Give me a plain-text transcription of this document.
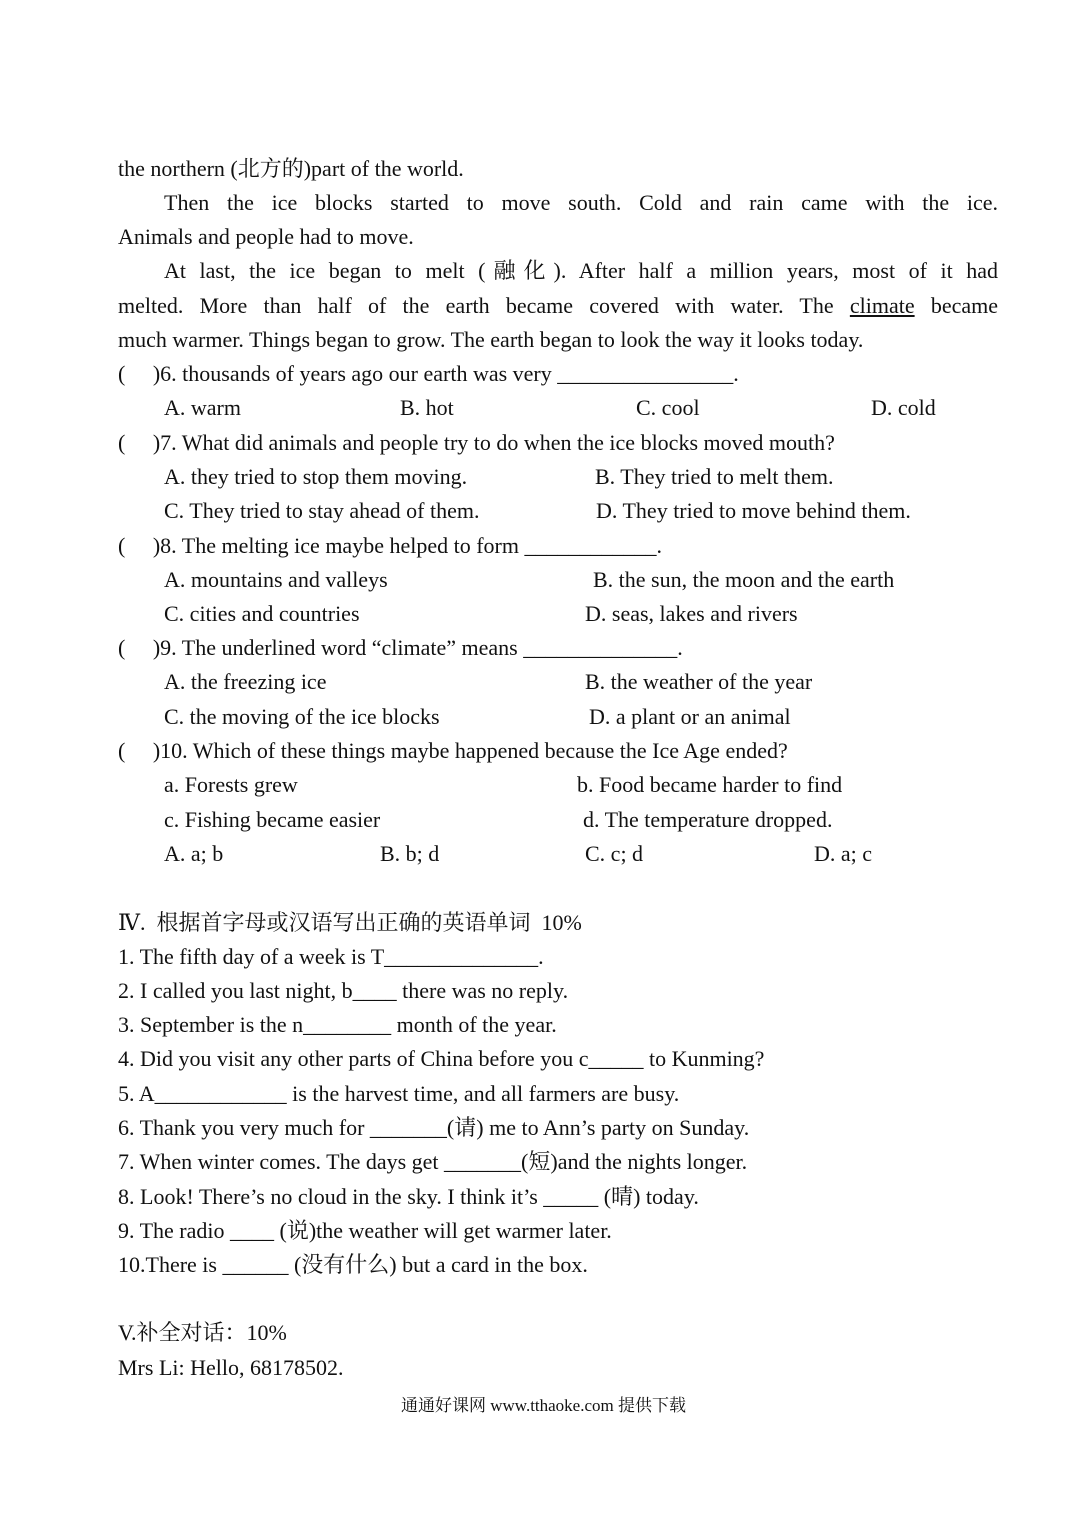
the northern (北方的)part of the world.
Then the ice blocks started to move south. Cold and rain came with the ice.
Animals and people had to move.
At last, the ice began to melt (融化). After half a million years, most of it had
melted. More than half of the earth became covered with water. The climate became
much warmer. Things began to grow. The earth began to look the way it looks today.
(     )6. thousands of years ago our earth was very ________________.
A. warm	B. hot	C. cool	D. cold
(     )7. What did animals and people try to do when the ice blocks moved mouth?
A. they tried to stop them moving.	B. They tried to melt them.
C. They tried to stay ahead of them.	D. They tried to move behind them.
(     )8. The melting ice maybe helped to form ____________.
A. mountains and valleys	B. the sun, the moon and the earth
C. cities and countries	D. seas, lakes and rivers
(     )9. The underlined word “climate” means ______________.
A. the freezing ice	B. the weather of the year
C. the moving of the ice blocks	D. a plant or an animal
(     )10. Which of these things maybe happened because the Ice Age ended?
a. Forests grew	b. Food became harder to find
c. Fishing became easier	d. The temperature dropped.
A. a; b	B. b; d	C. c; d	D. a; c
Ⅳ.  根据首字母或汉语写出正确的英语单词  10%
1. The fifth day of a week is T______________.
2. I called you last night, b____ there was no reply.
3. September is the n________ month of the year.
4. Did you visit any other parts of China before you c_____ to Kunming?
5. A____________ is the harvest time, and all farmers are busy.
6. Thank you very much for _______(请) me to Ann’s party on Sunday.
7. When winter comes. The days get _______(短)and the nights longer.
8. Look! There’s no cloud in the sky. I think it’s _____ (晴) today.
9. The radio ____ (说)the weather will get warmer later.
10.There is ______ (没有什么) but a card in the box.
V.补全对话：10%
Mrs Li: Hello, 68178502.
通通好课网 www.tthaoke.com 提供下载
